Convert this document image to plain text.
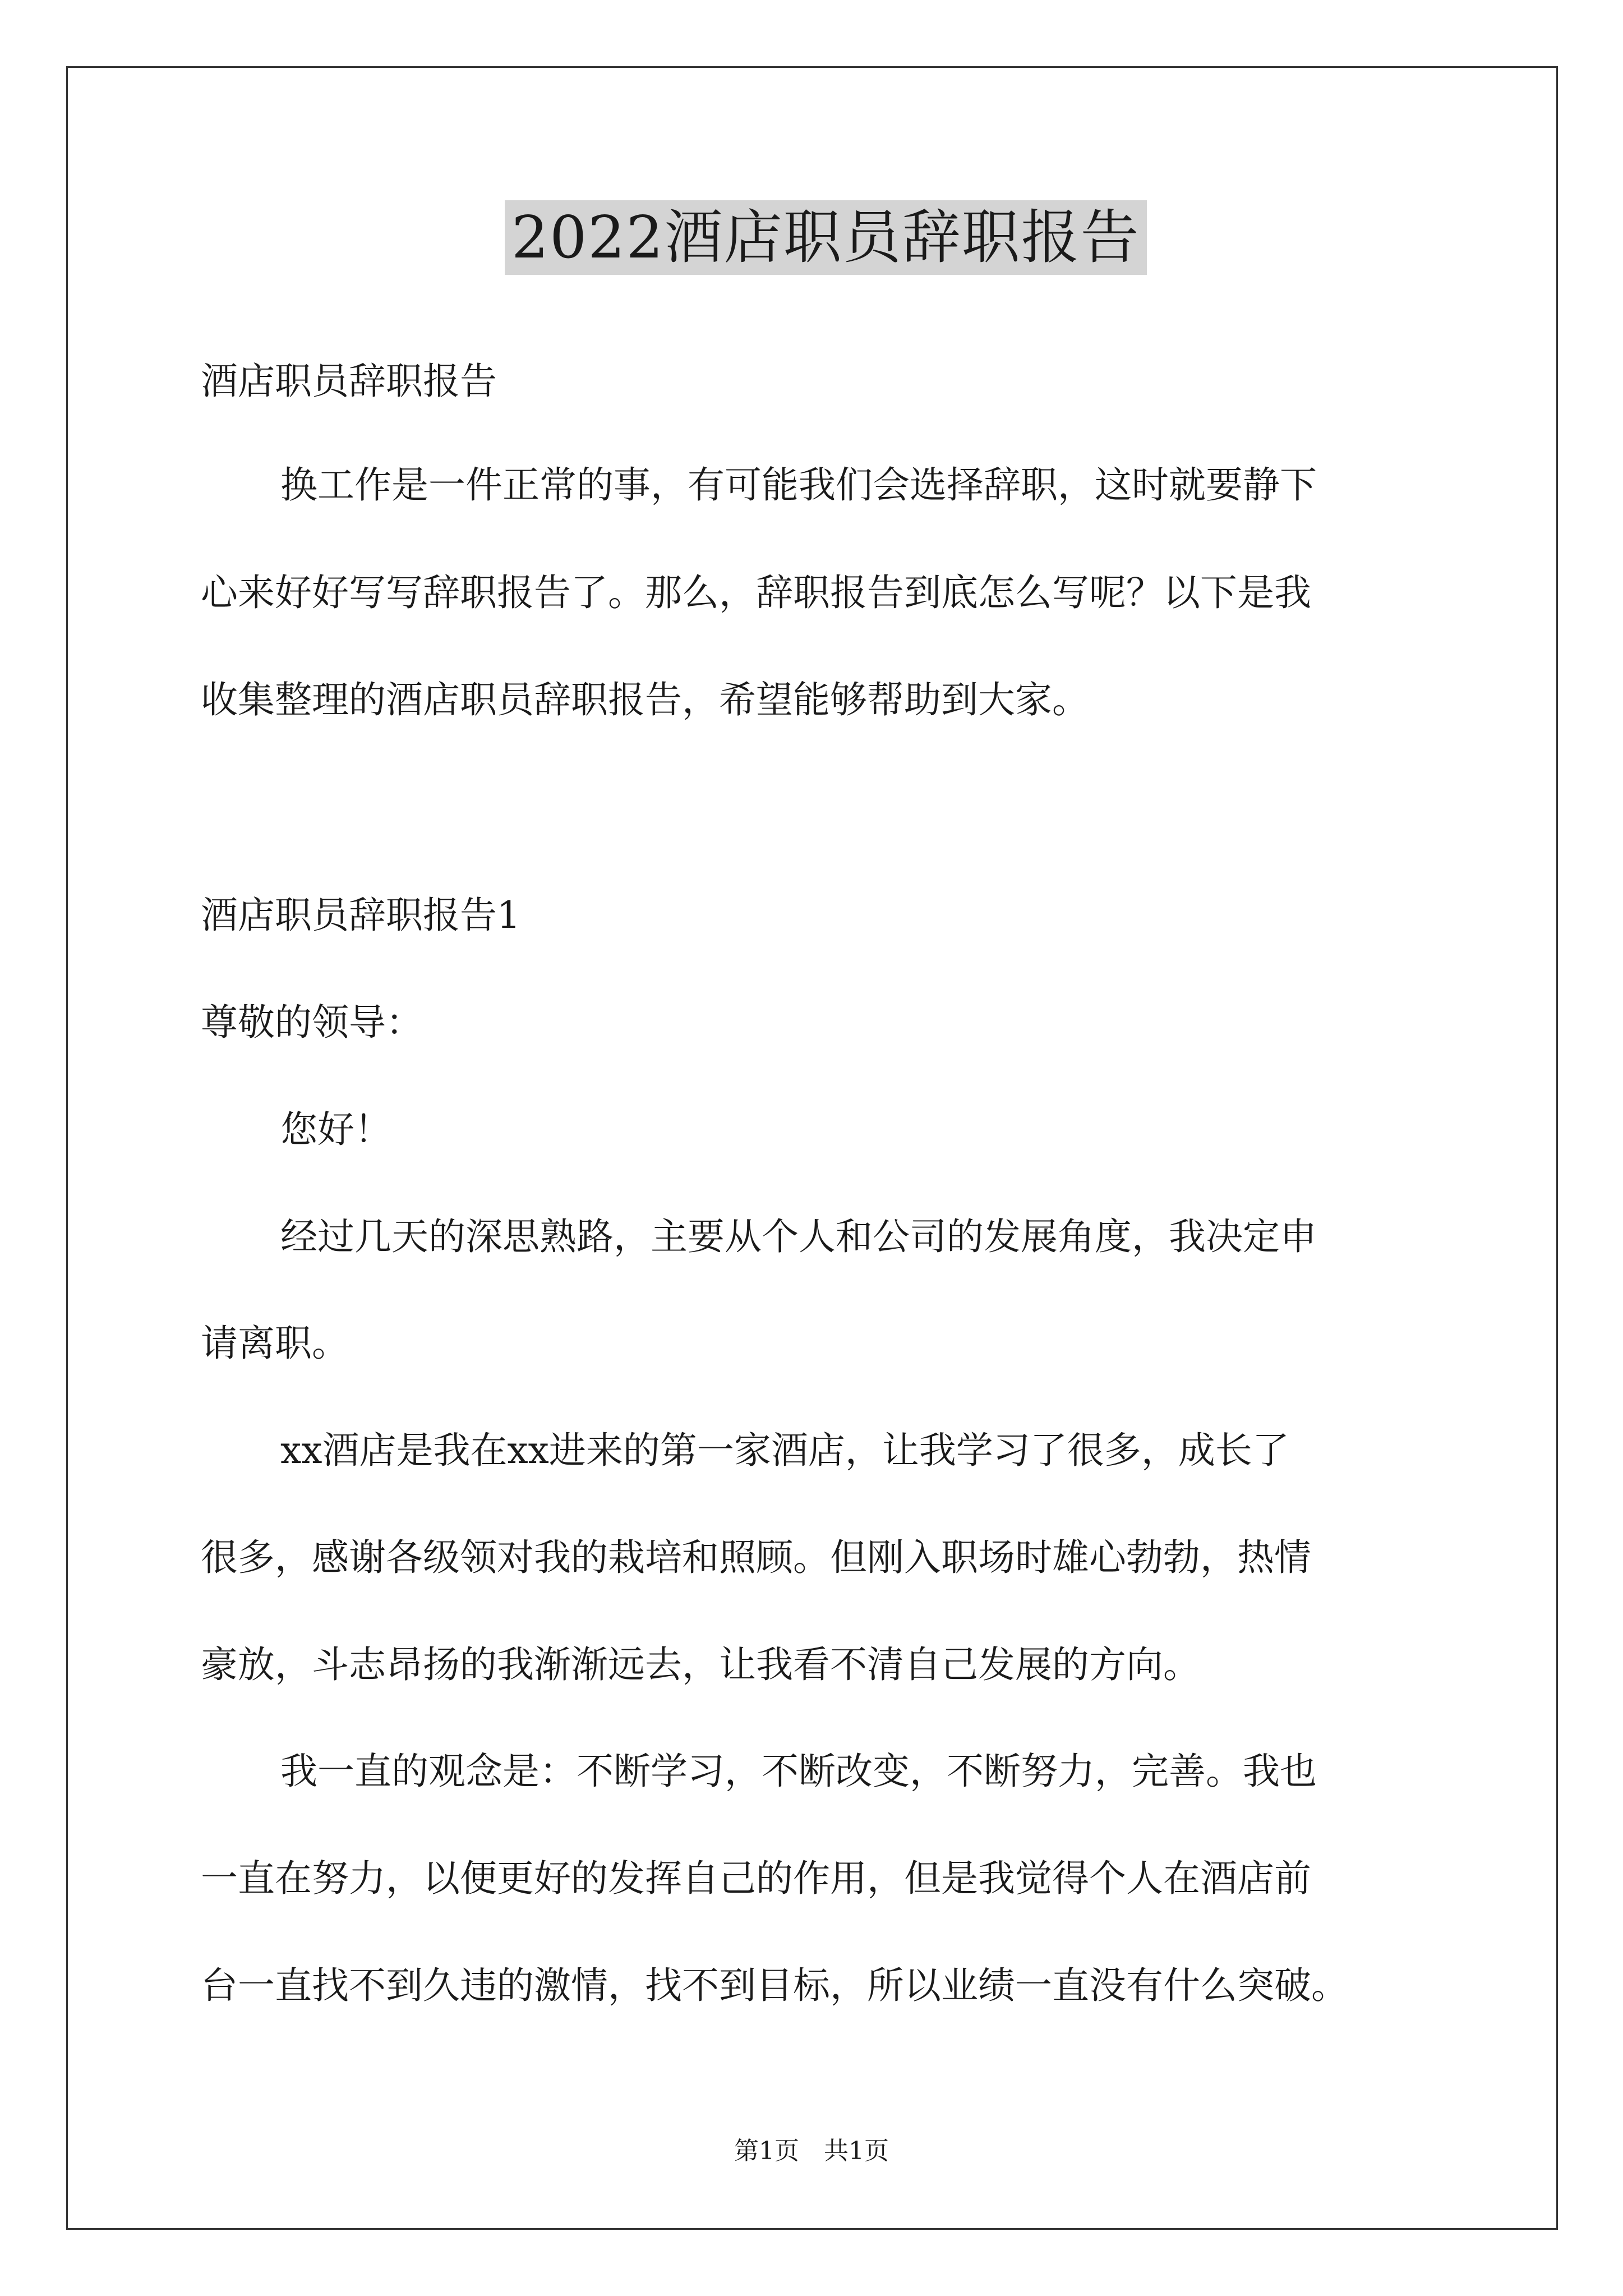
2022酒店职员辞职报告
酒店职员辞职报告
换工作是一件正常的事，有可能我们会选择辞职，这时就要静下
心来好好写写辞职报告了。那么，辞职报告到底怎么写呢？以下是我
收集整理的酒店职员辞职报告，希望能够帮助到大家。
酒店职员辞职报告1
尊敬的领导：
您好！
经过几天的深思熟路，主要从个人和公司的发展角度，我决定申
请离职。
xx酒店是我在xx进来的第一家酒店，让我学习了很多，成长了
很多，感谢各级领对我的栽培和照顾。但刚入职场时雄心勃勃，热情
豪放，斗志昂扬的我渐渐远去，让我看不清自己发展的方向。
我一直的观念是：不断学习，不断改变，不断努力，完善。我也
一直在努力，以便更好的发挥自己的作用，但是我觉得个人在酒店前
台一直找不到久违的激情，找不到目标，所以业绩一直没有什么突破。
第1页　共1页
